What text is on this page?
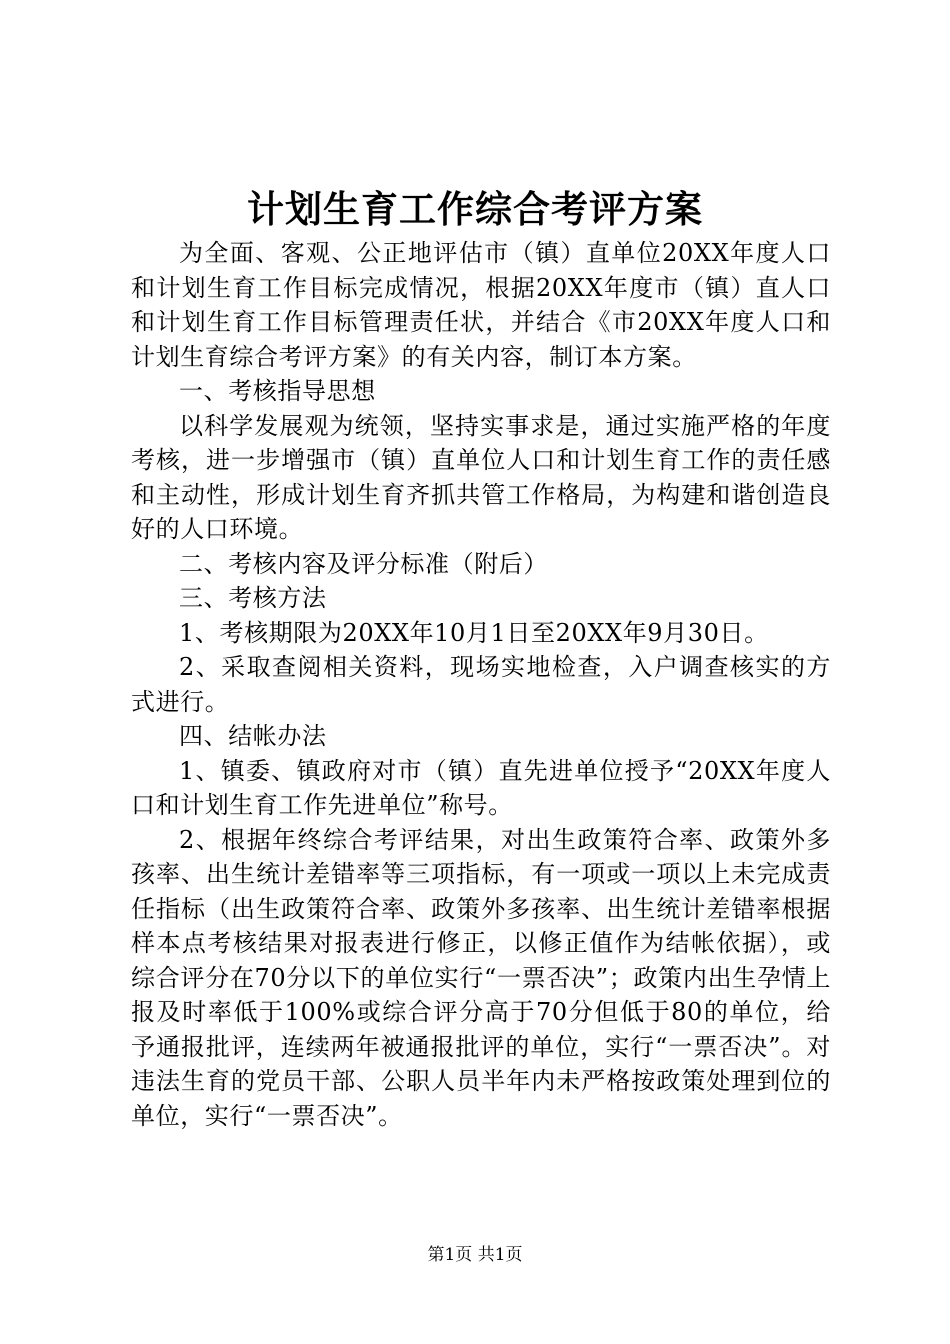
计划生育工作综合考评方案

为全面、客观、公正地评估市（镇）直单位20XX年度人口和计划生育工作目标完成情况，根据20XX年度市（镇）直人口和计划生育工作目标管理责任状，并结合《市20XX年度人口和计划生育综合考评方案》的有关内容，制订本方案。

一、考核指导思想

以科学发展观为统领，坚持实事求是，通过实施严格的年度考核，进一步增强市（镇）直单位人口和计划生育工作的责任感和主动性，形成计划生育齐抓共管工作格局，为构建和谐创造良好的人口环境。

二、考核内容及评分标准（附后）

三、考核方法

1、考核期限为20XX年10月1日至20XX年9月30日。

2、采取查阅相关资料，现场实地检查，入户调查核实的方式进行。

四、结帐办法

1、镇委、镇政府对市（镇）直先进单位授予“20XX年度人口和计划生育工作先进单位”称号。

2、根据年终综合考评结果，对出生政策符合率、政策外多孩率、出生统计差错率等三项指标，有一项或一项以上未完成责任指标（出生政策符合率、政策外多孩率、出生统计差错率根据样本点考核结果对报表进行修正，以修正值作为结帐依据），或综合评分在70分以下的单位实行“一票否决”；政策内出生孕情上报及时率低于100%或综合评分高于70分但低于80的单位，给予通报批评，连续两年被通报批评的单位，实行“一票否决”。对违法生育的党员干部、公职人员半年内未严格按政策处理到位的单位，实行“一票否决”。

第1页 共1页
